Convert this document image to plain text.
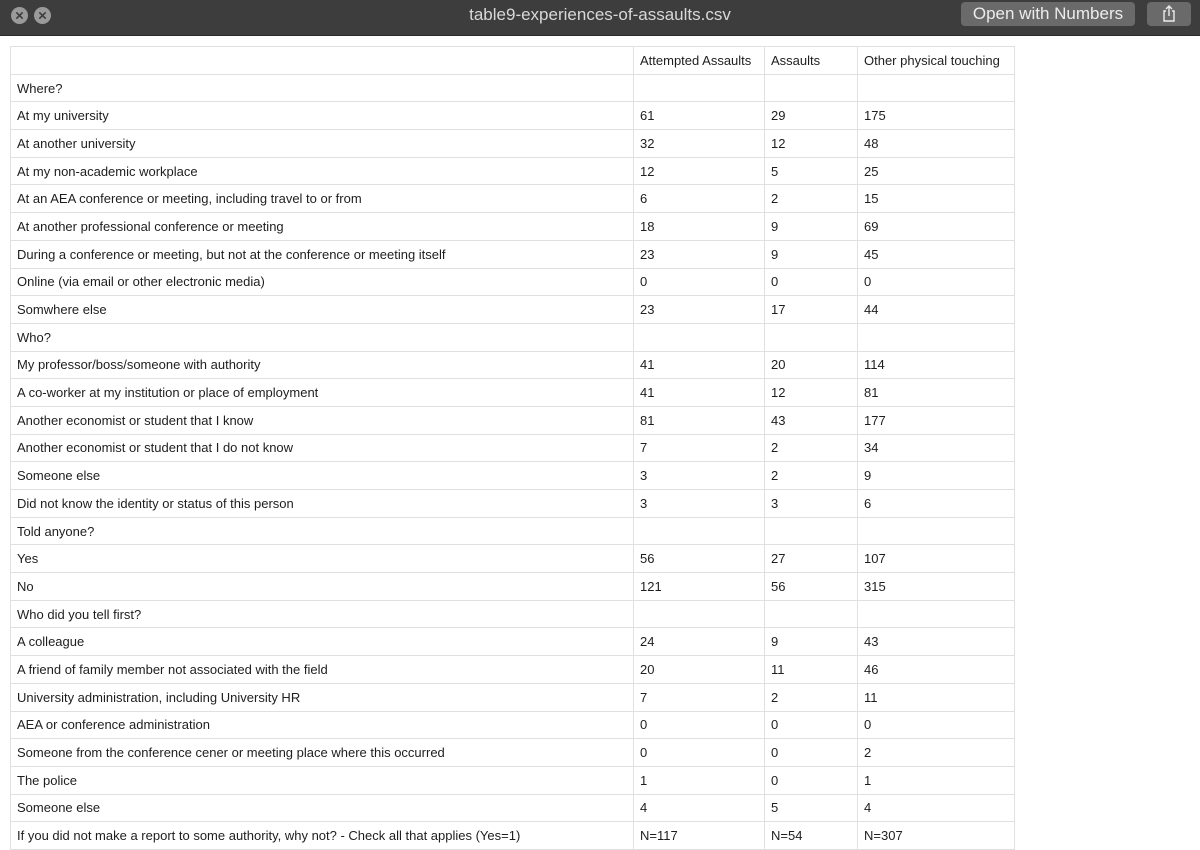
table9-experiences-of-assaults.csv	Open with Numbers
	Attempted Assaults	Assaults	Other physical touching
Where?			
At my university	61	29	175
At another university	32	12	48
At my non-academic workplace	12	5	25
At an AEA conference or meeting, including travel to or from	6	2	15
At another professional conference or meeting	18	9	69
During a conference or meeting, but not at the conference or meeting itself	23	9	45
Online (via email or other electronic media)	0	0	0
Somwhere else	23	17	44
Who?			
My professor/boss/someone with authority	41	20	114
A co-worker at my institution or place of employment	41	12	81
Another economist or student that I know	81	43	177
Another economist or student that I do not know	7	2	34
Someone else	3	2	9
Did not know the identity or status of this person	3	3	6
Told anyone?			
Yes	56	27	107
No	121	56	315
Who did you tell first?			
A colleague	24	9	43
A friend of family member not associated with the field	20	11	46
University administration, including University HR	7	2	11
AEA or conference administration	0	0	0
Someone from the conference cener or meeting place where this occurred	0	0	2
The police	1	0	1
Someone else	4	5	4
If you did not make a report to some authority, why not? - Check all that applies (Yes=1)	N=117	N=54	N=307
